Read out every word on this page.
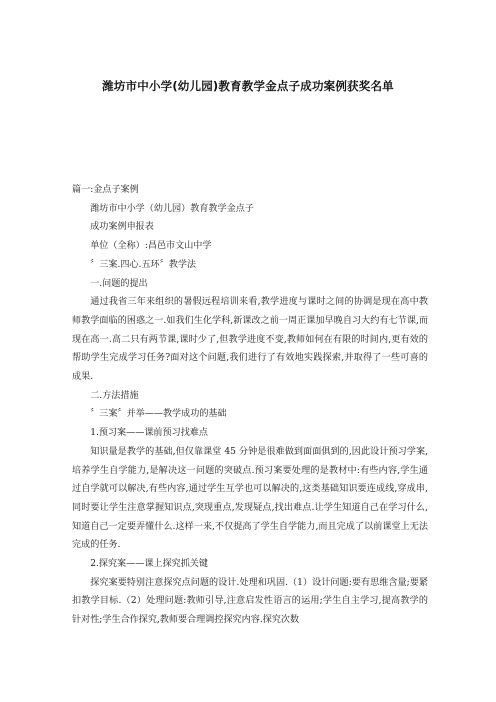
潍坊市中小学(幼儿园)教育教学金点子成功案例获奖名单

篇一:金点子案例

潍坊市中小学（幼儿园）教育教学金点子

成功案例申报表

单位（全称）:昌邑市文山中学

〞三案.四心.五环〞教学法

一.问题的提出

通过我省三年来组织的暑假远程培训来看,教学进度与课时之间的协调是现在高中教师教学面临的困惑之一.如我们生化学科,新课改之前一周正课加早晚自习大约有七节课,而现在高一.高二只有两节课,课时少了,但教学进度不变,教师如何在有限的时间内,更有效的帮助学生完成学习任务?面对这个问题,我们进行了有效地实践探索,并取得了一些可喜的成果.

二.方法措施

〞三案〞并举——教学成功的基础

1.预习案——课前预习找难点

知识量是教学的基础,但仅靠课堂 45 分钟是很难做到面面俱到的,因此设计预习学案,培养学生自学能力,是解决这一问题的突破点.预习案要处理的是教材中:有些内容,学生通过自学就可以解决,有些内容,通过学生互学也可以解决的,这类基础知识要连成线,穿成串,同时要让学生注意掌握知识点,突现重点,发现疑点,找出难点.让学生知道自己在学习什么,知道自己一定要弄懂什么.这样一来,不仅提高了学生自学能力,而且完成了以前课堂上无法完成的任务.

2.探究案——课上探究抓关键

探究案要特别注意探究点问题的设计.处理和巩固.（1）设计问题:要有思维含量;要紧扣教学目标.（2）处理问题:教师引导,注意启发性语言的运用;学生自主学习,提高教学的针对性;学生合作探究,教师要合理调控探究内容.探究次数
